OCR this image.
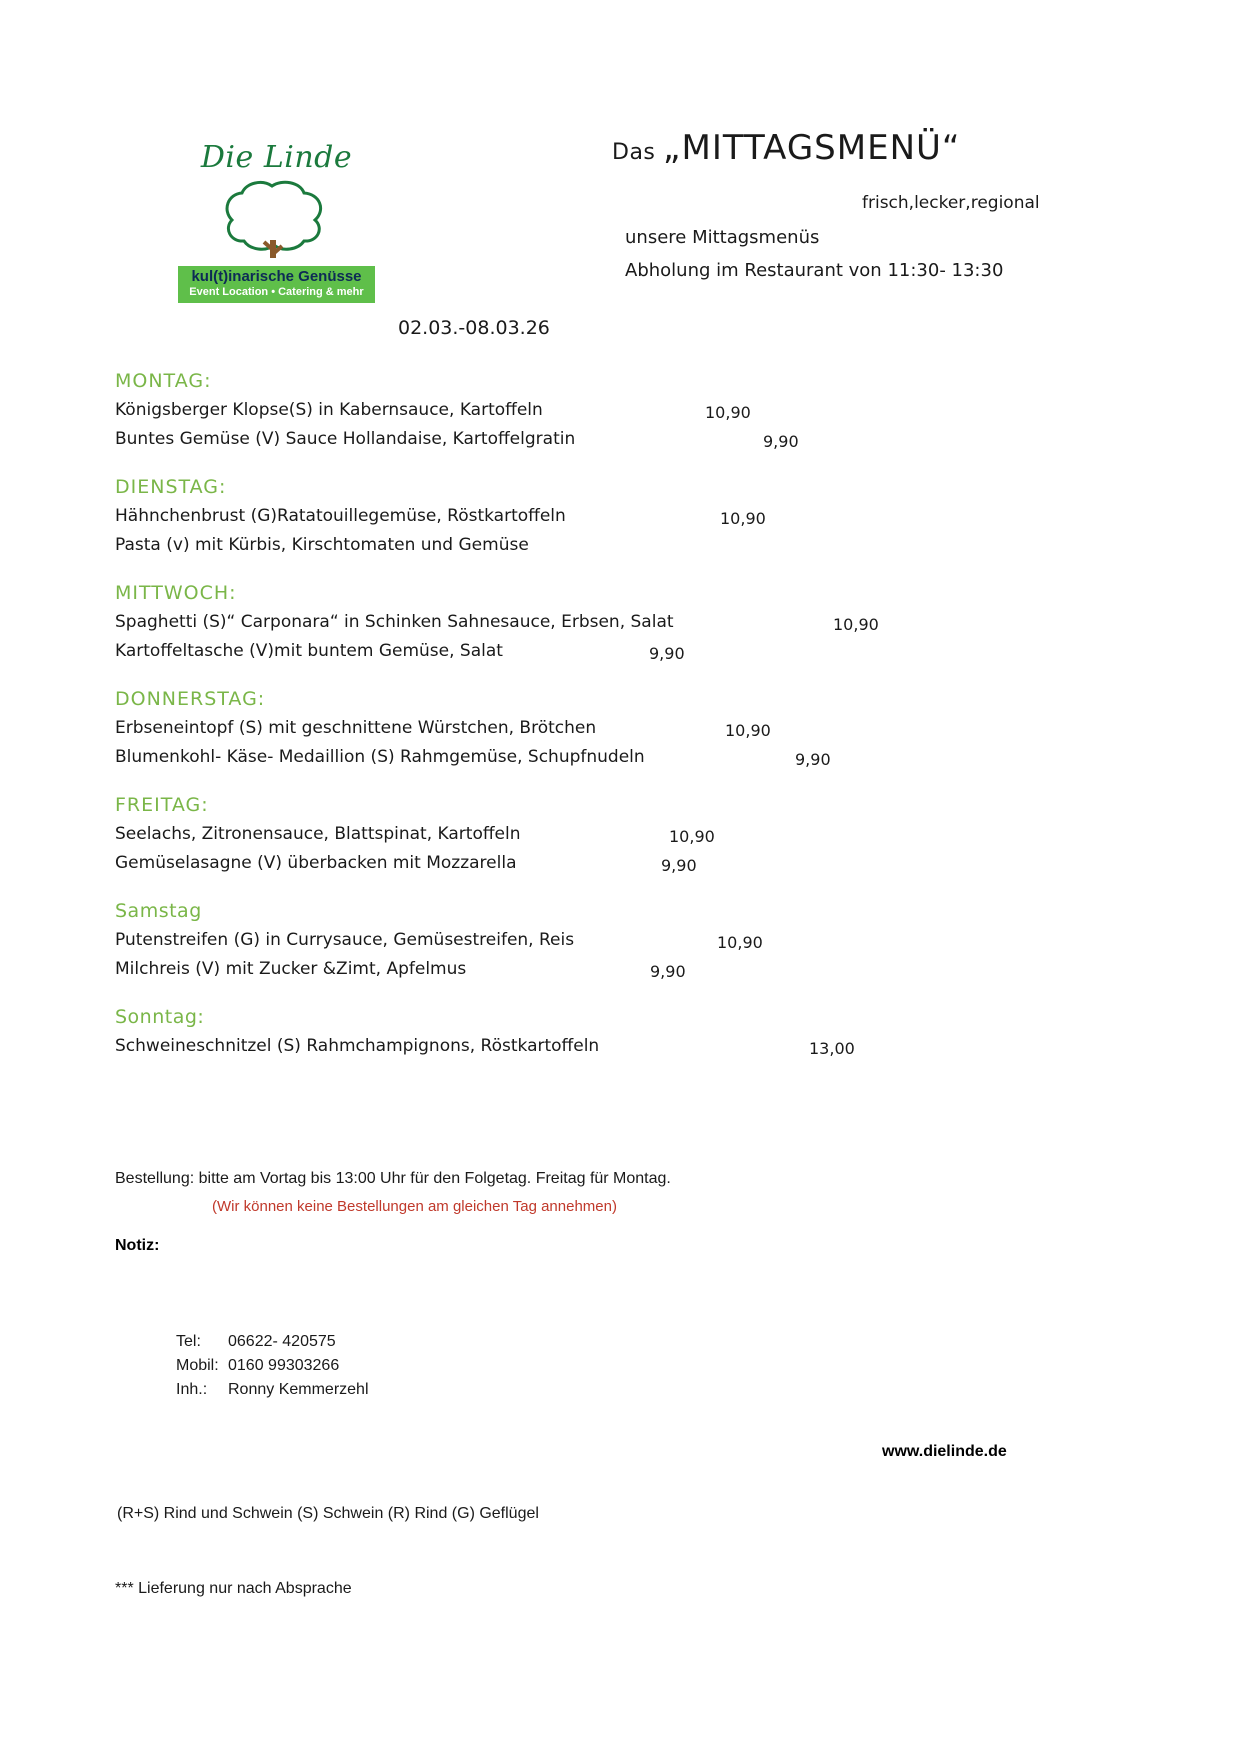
Die Linde
kul(t)inarische Genüsse
Event Location • Catering & mehr
Das „MITTAGSMENÜ“
frisch,lecker,regional
unsere Mittagsmenüs
Abholung im Restaurant von 11:30- 13:30
02.03.-08.03.26
MONTAG:
Königsberger Klopse(S) in Kabernsauce, Kartoffeln	10,90
Buntes Gemüse (V) Sauce Hollandaise, Kartoffelgratin	9,90
DIENSTAG:
Hähnchenbrust (G)Ratatouillegemüse, Röstkartoffeln	10,90
Pasta (v) mit Kürbis, Kirschtomaten und Gemüse
MITTWOCH:
Spaghetti (S)“ Carponara“ in Schinken Sahnesauce, Erbsen, Salat	10,90
Kartoffeltasche (V)mit buntem Gemüse, Salat	9,90
DONNERSTAG:
Erbseneintopf (S) mit geschnittene Würstchen, Brötchen	10,90
Blumenkohl- Käse- Medaillion (S) Rahmgemüse, Schupfnudeln	9,90
FREITAG:
Seelachs, Zitronensauce, Blattspinat, Kartoffeln	10,90
Gemüselasagne (V) überbacken mit Mozzarella	9,90
Samstag
Putenstreifen (G) in Currysauce, Gemüsestreifen, Reis	10,90
Milchreis (V) mit Zucker &Zimt, Apfelmus	9,90
Sonntag:
Schweineschnitzel (S) Rahmchampignons, Röstkartoffeln	13,00
Bestellung: bitte am Vortag bis 13:00 Uhr für den Folgetag. Freitag für Montag.
(Wir können keine Bestellungen am gleichen Tag annehmen)
Notiz:
Tel: 06622- 420575
Mobil: 0160 99303266
Inh.: Ronny Kemmerzehl
www.dielinde.de
(R+S) Rind und Schwein (S) Schwein (R) Rind (G) Geflügel
*** Lieferung nur nach Absprache
